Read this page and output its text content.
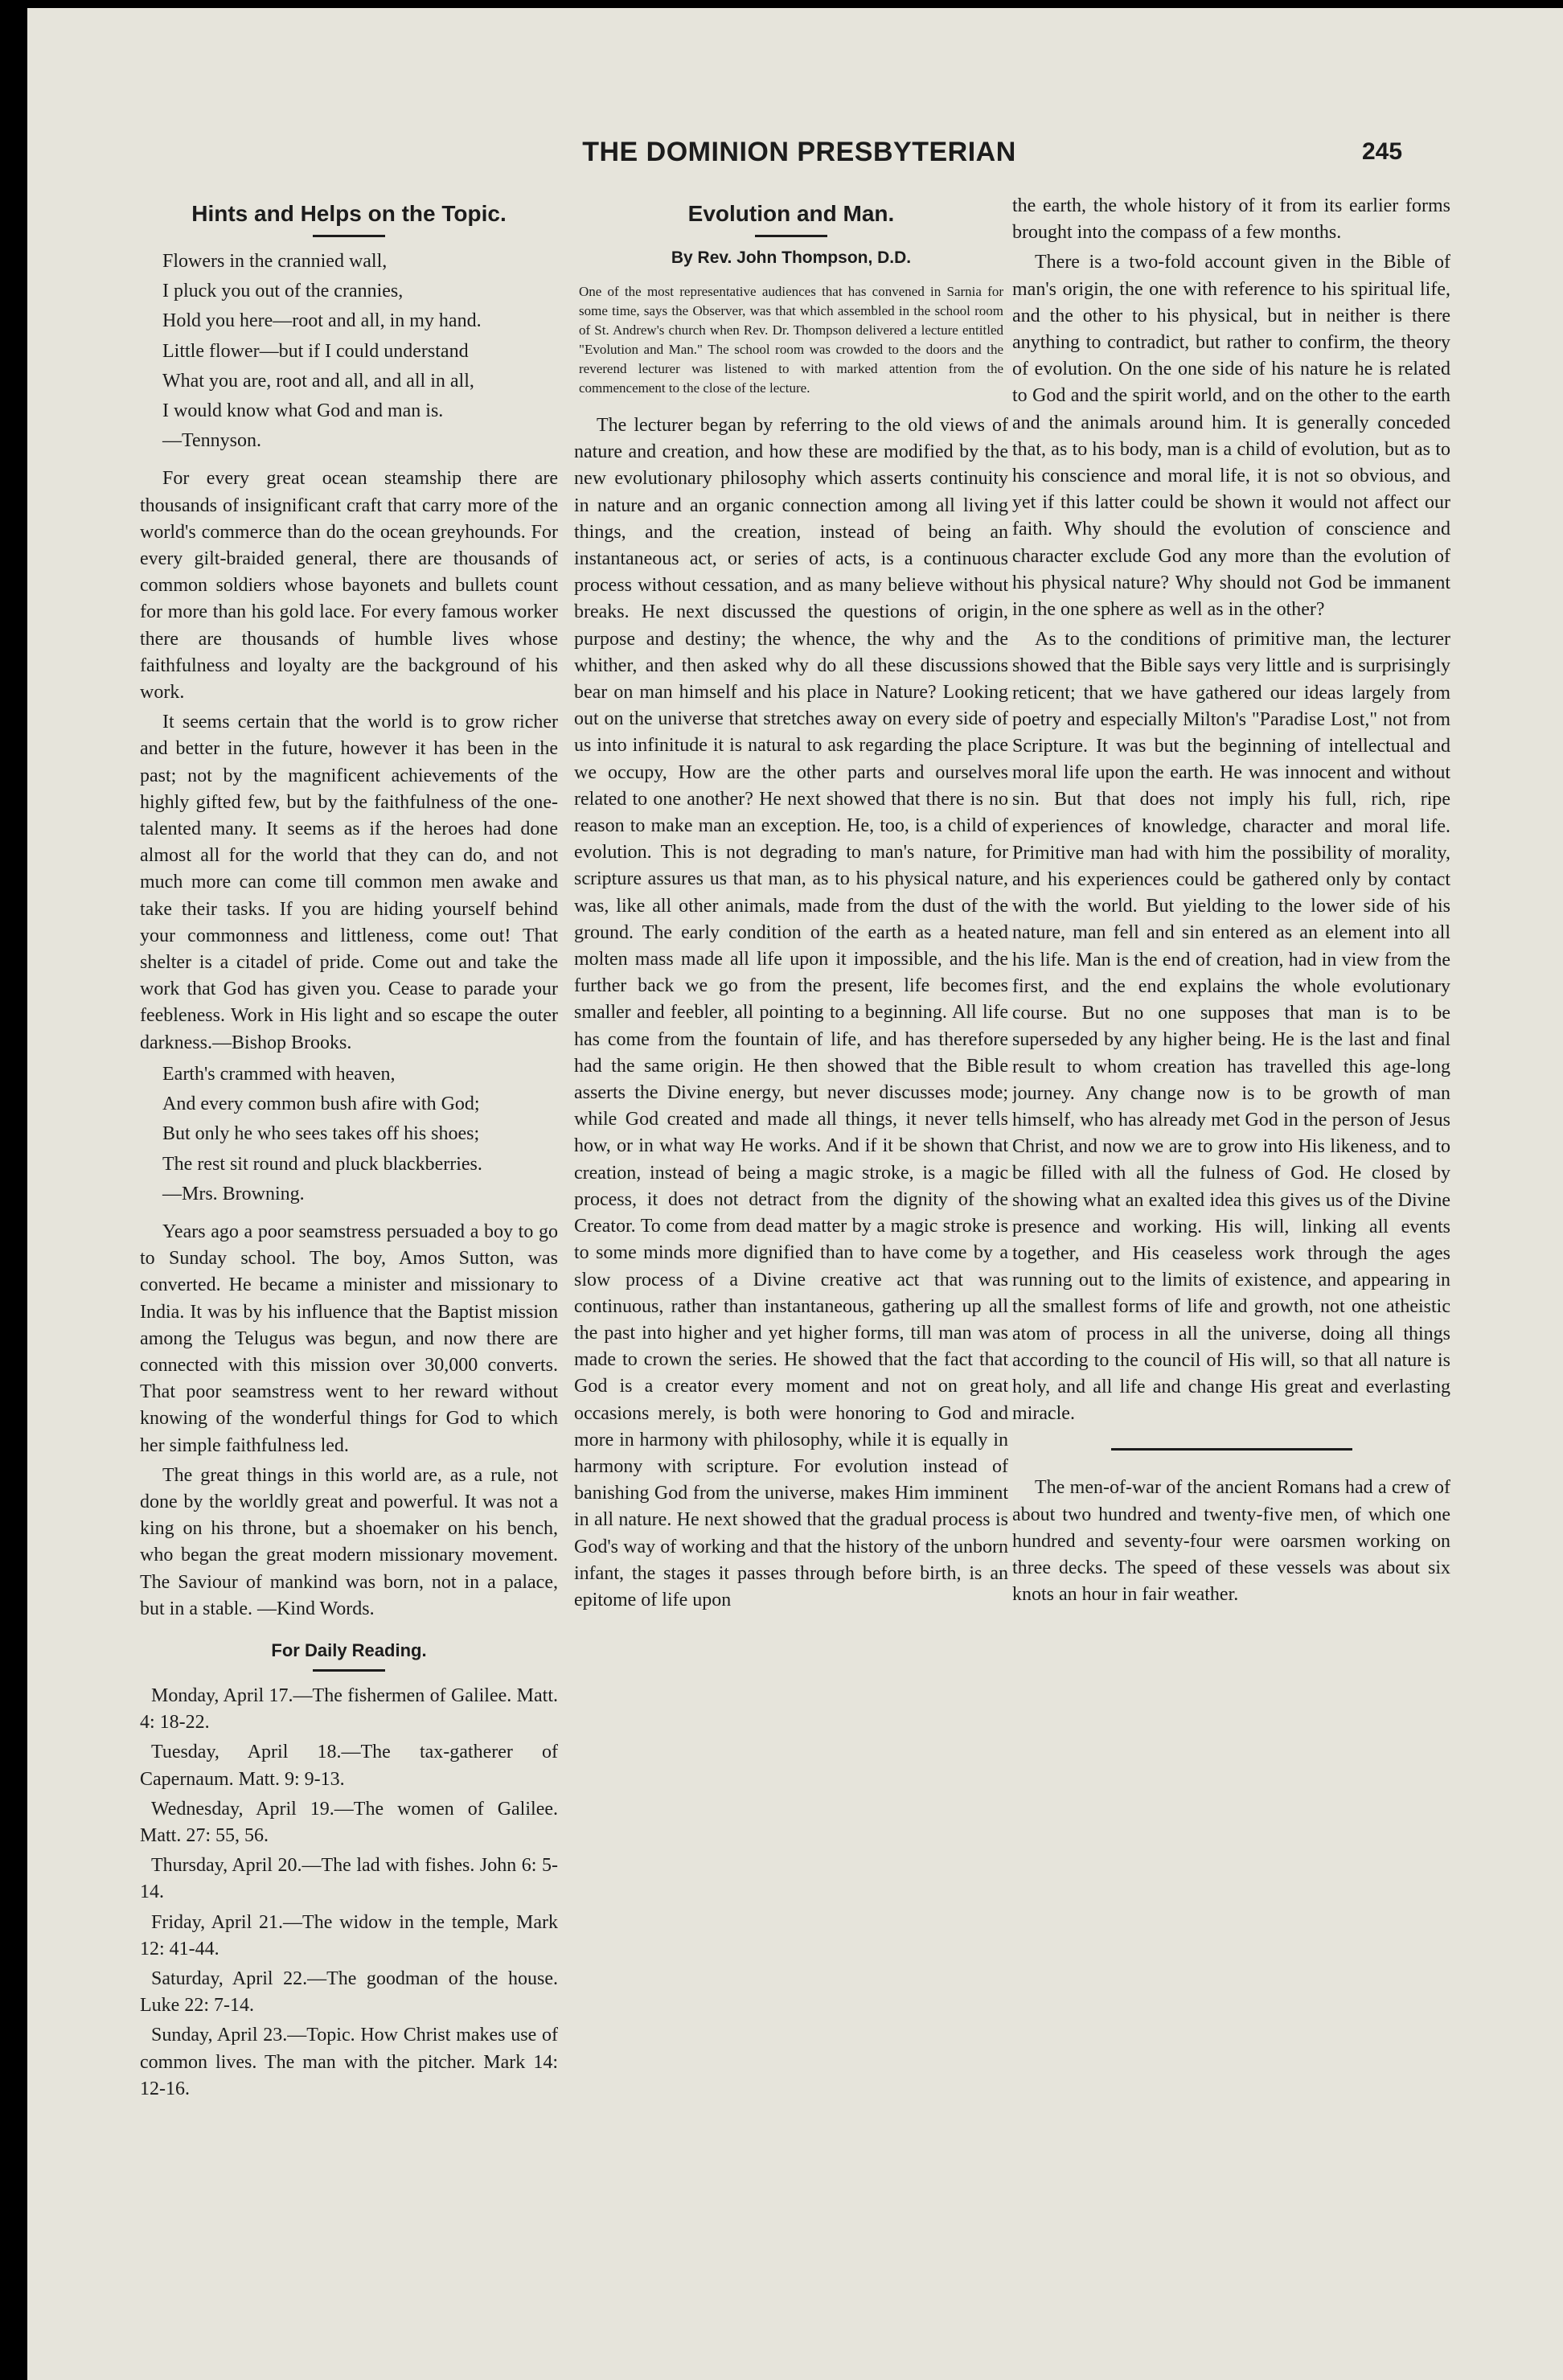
THE DOMINION PRESBYTERIAN	245
Hints and Helps on the Topic.

Flowers in the crannied wall,

I pluck you out of the crannies,

Hold you here—root and all, in my hand.

Little flower—but if I could understand

What you are, root and all, and all in all,

I would know what God and man is.

—Tennyson.

For every great ocean steamship there are thousands of insignificant craft that carry more of the world's commerce than do the ocean greyhounds. For every gilt-braided general, there are thousands of common soldiers whose bayonets and bullets count for more than his gold lace. For every famous worker there are thousands of humble lives whose faithfulness and loyalty are the background of his work.

It seems certain that the world is to grow richer and better in the future, however it has been in the past; not by the magnificent achievements of the highly gifted few, but by the faithfulness of the one-talented many. It seems as if the heroes had done almost all for the world that they can do, and not much more can come till common men awake and take their tasks. If you are hiding yourself behind your commonness and littleness, come out! That shelter is a citadel of pride. Come out and take the work that God has given you. Cease to parade your feebleness. Work in His light and so escape the outer darkness.—Bishop Brooks.

Earth's crammed with heaven,

And every common bush afire with God;

But only he who sees takes off his shoes;

The rest sit round and pluck blackberries.

—Mrs. Browning.

Years ago a poor seamstress persuaded a boy to go to Sunday school. The boy, Amos Sutton, was converted. He became a minister and missionary to India. It was by his influence that the Baptist mission among the Telugus was begun, and now there are connected with this mission over 30,000 converts. That poor seamstress went to her reward without knowing of the wonderful things for God to which her simple faithfulness led.

The great things in this world are, as a rule, not done by the worldly great and powerful. It was not a king on his throne, but a shoemaker on his bench, who began the great modern missionary movement. The Saviour of mankind was born, not in a palace, but in a stable. —Kind Words.

For Daily Reading.

Monday, April 17.—The fishermen of Galilee. Matt. 4: 18-22.

Tuesday, April 18.—The tax-gatherer of Capernaum. Matt. 9: 9-13.

Wednesday, April 19.—The women of Galilee. Matt. 27: 55, 56.

Thursday, April 20.—The lad with fishes. John 6: 5-14.

Friday, April 21.—The widow in the temple, Mark 12: 41-44.

Saturday, April 22.—The goodman of the house. Luke 22: 7-14.

Sunday, April 23.—Topic. How Christ makes use of common lives. The man with the pitcher. Mark 14: 12-16.

Evolution and Man.
By Rev. John Thompson, D.D.
One of the most representative audiences that has convened in Sarnia for some time, says the Observer, was that which assembled in the school room of St. Andrew's church when Rev. Dr. Thompson delivered a lecture entitled "Evolution and Man." The school room was crowded to the doors and the reverend lecturer was listened to with marked attention from the commencement to the close of the lecture.

The lecturer began by referring to the old views of nature and creation, and how these are modified by the new evolutionary philosophy which asserts continuity in nature and an organic connection among all living things, and the creation, instead of being an instantaneous act, or series of acts, is a continuous process without cessation, and as many believe without breaks. He next discussed the questions of origin, purpose and destiny; the whence, the why and the whither, and then asked why do all these discussions bear on man himself and his place in Nature? Looking out on the universe that stretches away on every side of us into infinitude it is natural to ask regarding the place we occupy, How are the other parts and ourselves related to one another? He next showed that there is no reason to make man an exception. He, too, is a child of evolution. This is not degrading to man's nature, for scripture assures us that man, as to his physical nature, was, like all other animals, made from the dust of the ground. The early condition of the earth as a heated molten mass made all life upon it impossible, and the further back we go from the present, life becomes smaller and feebler, all pointing to a beginning. All life has come from the fountain of life, and has therefore had the same origin. He then showed that the Bible asserts the Divine energy, but never discusses mode; while God created and made all things, it never tells how, or in what way He works. And if it be shown that creation, instead of being a magic stroke, is a magic process, it does not detract from the dignity of the Creator. To come from dead matter by a magic stroke is to some minds more dignified than to have come by a slow process of a Divine creative act that was continuous, rather than instantaneous, gathering up all the past into higher and yet higher forms, till man was made to crown the series. He showed that the fact that God is a creator every moment and not on great occasions merely, is both were honoring to God and more in harmony with philosophy, while it is equally in harmony with scripture. For evolution instead of banishing God from the universe, makes Him imminent in all nature. He next showed that the gradual process is God's way of working and that the history of the unborn infant, the stages it passes through before birth, is an epitome of life upon

the earth, the whole history of it from its earlier forms brought into the compass of a few months.

There is a two-fold account given in the Bible of man's origin, the one with reference to his spiritual life, and the other to his physical, but in neither is there anything to contradict, but rather to confirm, the theory of evolution. On the one side of his nature he is related to God and the spirit world, and on the other to the earth and the animals around him. It is generally conceded that, as to his body, man is a child of evolution, but as to his conscience and moral life, it is not so obvious, and yet if this latter could be shown it would not affect our faith. Why should the evolution of conscience and character exclude God any more than the evolution of his physical nature? Why should not God be immanent in the one sphere as well as in the other?

As to the conditions of primitive man, the lecturer showed that the Bible says very little and is surprisingly reticent; that we have gathered our ideas largely from poetry and especially Milton's "Paradise Lost," not from Scripture. It was but the beginning of intellectual and moral life upon the earth. He was innocent and without sin. But that does not imply his full, rich, ripe experiences of knowledge, character and moral life. Primitive man had with him the possibility of morality, and his experiences could be gathered only by contact with the world. But yielding to the lower side of his nature, man fell and sin entered as an element into all his life. Man is the end of creation, had in view from the first, and the end explains the whole evolutionary course. But no one supposes that man is to be superseded by any higher being. He is the last and final result to whom creation has travelled this age-long journey. Any change now is to be growth of man himself, who has already met God in the person of Jesus Christ, and now we are to grow into His likeness, and to be filled with all the fulness of God. He closed by showing what an exalted idea this gives us of the Divine presence and working. His will, linking all events together, and His ceaseless work through the ages running out to the limits of existence, and appearing in the smallest forms of life and growth, not one atheistic atom of process in all the universe, doing all things according to the council of His will, so that all nature is holy, and all life and change His great and everlasting miracle.

The men-of-war of the ancient Romans had a crew of about two hundred and twenty-five men, of which one hundred and seventy-four were oarsmen working on three decks. The speed of these vessels was about six knots an hour in fair weather.
